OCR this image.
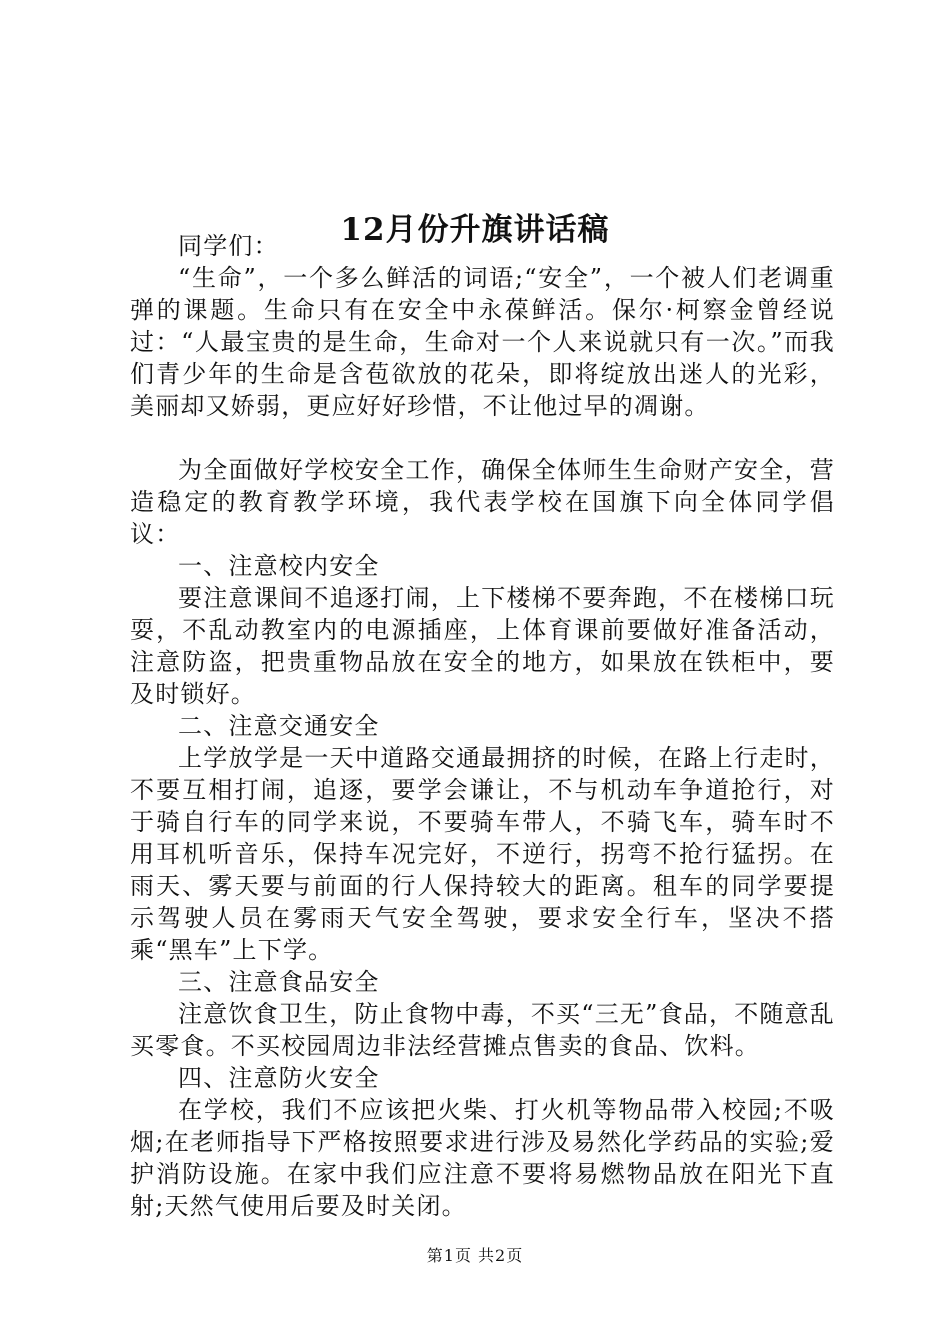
12月份升旗讲话稿

同学们：

“生命”，一个多么鲜活的词语;“安全”，一个被人们老调重弹的课题。生命只有在安全中永葆鲜活。保尔·柯察金曾经说过：“人最宝贵的是生命，生命对一个人来说就只有一次。”而我们青少年的生命是含苞欲放的花朵，即将绽放出迷人的光彩，美丽却又娇弱，更应好好珍惜，不让他过早的凋谢。

为全面做好学校安全工作，确保全体师生生命财产安全，营造稳定的教育教学环境，我代表学校在国旗下向全体同学倡议：

一、注意校内安全

要注意课间不追逐打闹，上下楼梯不要奔跑，不在楼梯口玩耍，不乱动教室内的电源插座，上体育课前要做好准备活动，注意防盗，把贵重物品放在安全的地方，如果放在铁柜中，要及时锁好。

二、注意交通安全

上学放学是一天中道路交通最拥挤的时候，在路上行走时，不要互相打闹，追逐，要学会谦让，不与机动车争道抢行，对于骑自行车的同学来说，不要骑车带人，不骑飞车，骑车时不用耳机听音乐，保持车况完好，不逆行，拐弯不抢行猛拐。在雨天、雾天要与前面的行人保持较大的距离。租车的同学要提示驾驶人员在雾雨天气安全驾驶，要求安全行车，坚决不搭乘“黑车”上下学。

三、注意食品安全

注意饮食卫生，防止食物中毒，不买“三无”食品，不随意乱买零食。不买校园周边非法经营摊点售卖的食品、饮料。

四、注意防火安全

在学校，我们不应该把火柴、打火机等物品带入校园;不吸烟;在老师指导下严格按照要求进行涉及易然化学药品的实验;爱护消防设施。在家中我们应注意不要将易燃物品放在阳光下直射;天然气使用后要及时关闭。

第1页 共2页
